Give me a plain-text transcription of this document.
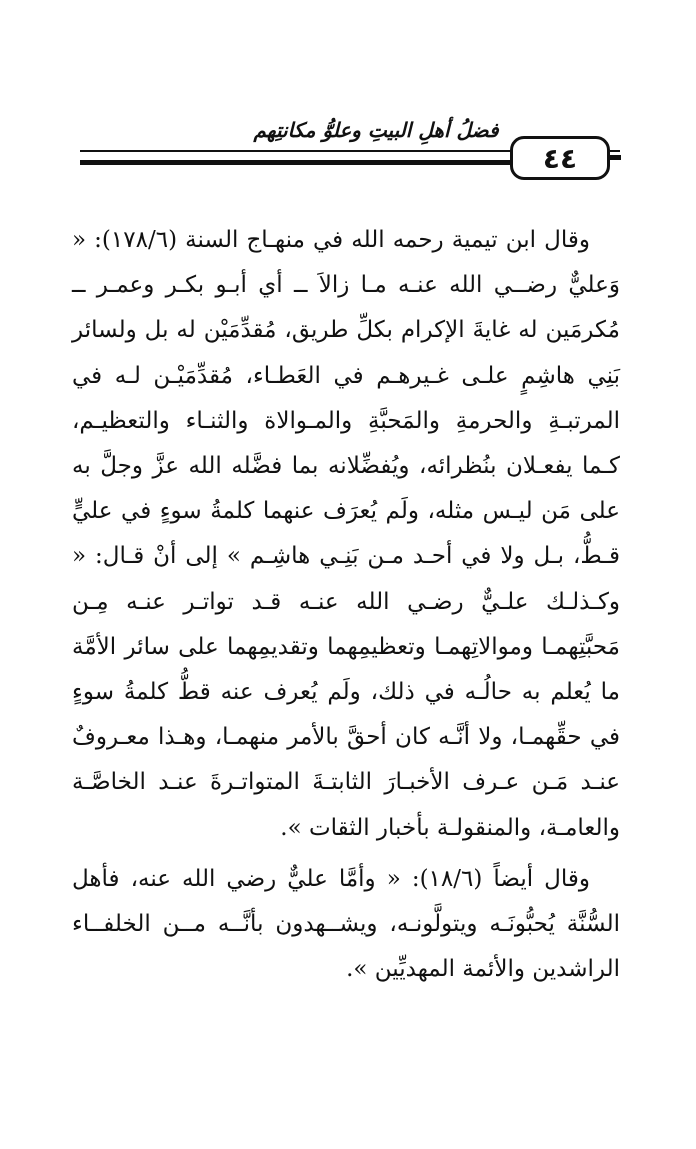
فضلُ أهلِ البيتِ وعلوُّ مكانتِهم
٤٤

وقال ابن تيمية رحمه الله في منهـاج السنة (١٧٨/٦): « وَعليٌّ رضــي الله عنـه مـا زالاَ ــ أي أبـو بكـر وعمـر ــ مُكرمَين له غايةَ الإكرام بكلِّ طريق، مُقدِّمَيْن له بل ولسائر بَنِي هاشِمٍ علـى غـيرهـم في العَطـاء، مُقدِّمَيْـن لـه في المرتبـةِ والحرمةِ والمَحبَّةِ والمـوالاة والثنـاء والتعظيـم، كـما يفعـلان بنُظرائه، ويُفضِّلانه بما فضَّله الله عزَّ وجلَّ به على مَن ليـس مثله، ولَم يُعرَف عنهما كلمةُ سوءٍ في عليٍّ قـطُّ، بـل ولا في أحـد مـن بَنِـي هاشِـم » إلى أنْ قـال: « وكـذلـك علـيٌّ رضـي الله عنـه قـد تواتـر عنـه مِـن مَحبَّتِهمـا وموالاتِهمـا وتعظيمِهما وتقديمِهما على سائر الأمَّة ما يُعلم به حالُـه في ذلك، ولَم يُعرف عنه قطُّ كلمةُ سوءٍ في حقِّهمـا، ولا أنَّـه كان أحقَّ بالأمر منهمـا، وهـذا معـروفٌ عنـد مَـن عـرف الأخبـارَ الثابتـةَ المتواتـرةَ عنـد الخاصَّـة والعامـة، والمنقولـة بأخبار الثقات ».

وقال أيضاً (١٨/٦): « وأمَّا عليٌّ رضي الله عنه، فأهل السُّنَّة يُحبُّونَـه ويتولَّونـه، ويشــهدون بأنَّــه مــن الخلفــاء الراشدين والأئمة المهديِّين ».
